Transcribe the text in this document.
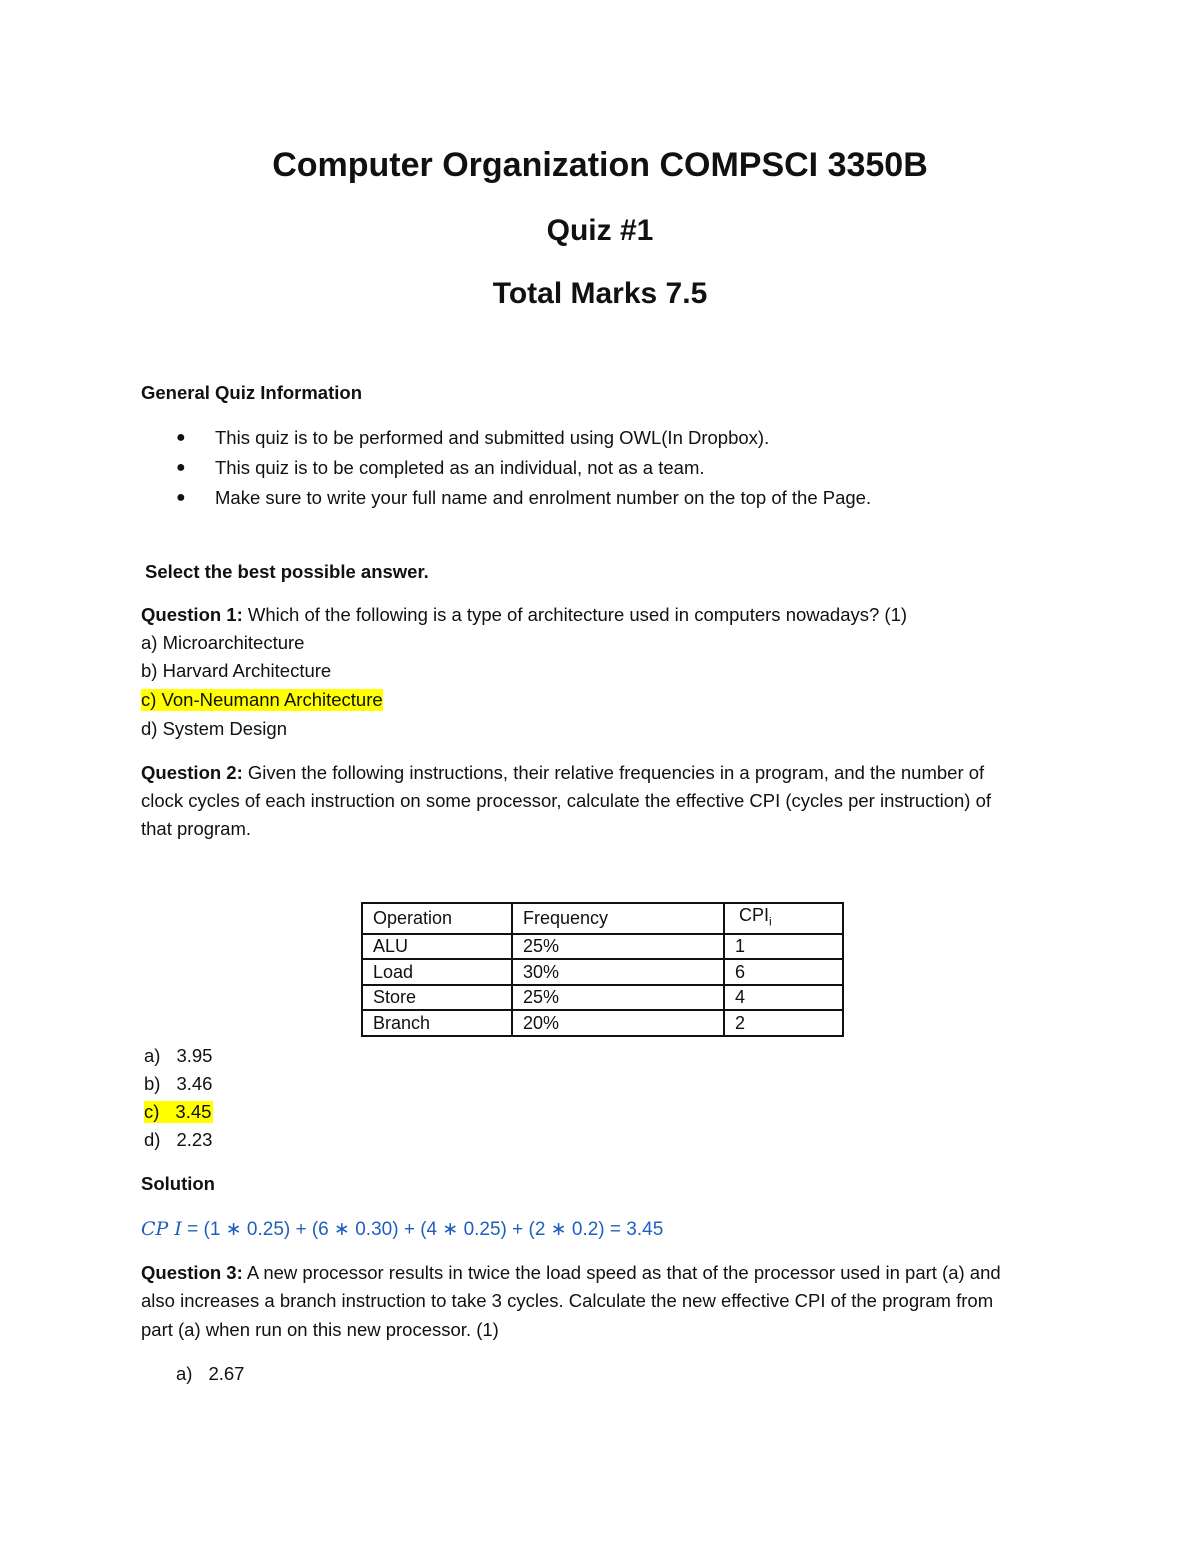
Computer Organization COMPSCI 3350B
Quiz #1
Total Marks 7.5
General Quiz Information
● This quiz is to be performed and submitted using OWL(In Dropbox).
● This quiz is to be completed as an individual, not as a team.
● Make sure to write your full name and enrolment number on the top of the Page.
Select the best possible answer.
Question 1: Which of the following is a type of architecture used in computers nowadays? (1)
a) Microarchitecture
b) Harvard Architecture
c) Von-Neumann Architecture
d) System Design
Question 2: Given the following instructions, their relative frequencies in a program, and the number of
clock cycles of each instruction on some processor, calculate the effective CPI (cycles per instruction) of
that program.
Operation	Frequency	$CPI_i$
ALU	25%	1
Load	30%	6
Store	25%	4
Branch	20%	2
a) 3.95
b) 3.46
c) 3.45
d) 2.23
Solution
CP I = (1 ∗ 0.25) + (6 ∗ 0.30) + (4 ∗ 0.25) + (2 ∗ 0.2) = 3.45
Question 3: A new processor results in twice the load speed as that of the processor used in part (a) and
also increases a branch instruction to take 3 cycles. Calculate the new effective CPI of the program from
part (a) when run on this new processor. (1)
a) 2.67
